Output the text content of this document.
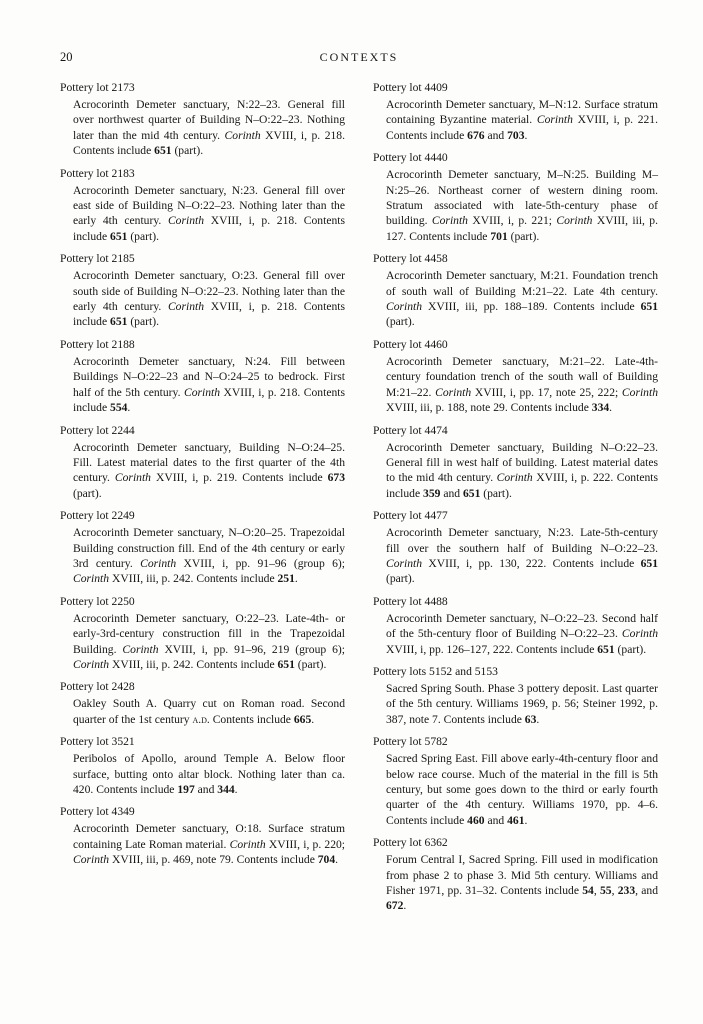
20	CONTEXTS
Pottery lot 2173

Acrocorinth Demeter sanctuary, N:22–23. General fill over northwest quarter of Building N–O:22–23. Nothing later than the mid 4th century. Corinth XVIII, i, p. 218. Contents include 651 (part).

Pottery lot 2183

Acrocorinth Demeter sanctuary, N:23. General fill over east side of Building N–O:22–23. Nothing later than the early 4th century. Corinth XVIII, i, p. 218. Contents include 651 (part).

Pottery lot 2185

Acrocorinth Demeter sanctuary, O:23. General fill over south side of Building N–O:22–23. Nothing later than the early 4th century. Corinth XVIII, i, p. 218. Contents include 651 (part).

Pottery lot 2188

Acrocorinth Demeter sanctuary, N:24. Fill between Buildings N–O:22–23 and N–O:24–25 to bedrock. First half of the 5th century. Corinth XVIII, i, p. 218. Contents include 554.

Pottery lot 2244

Acrocorinth Demeter sanctuary, Building N–O:24–25. Fill. Latest material dates to the first quarter of the 4th century. Corinth XVIII, i, p. 219. Contents include 673 (part).

Pottery lot 2249

Acrocorinth Demeter sanctuary, N–O:20–25. Trapezoidal Building construction fill. End of the 4th century or early 3rd century. Corinth XVIII, i, pp. 91–96 (group 6); Corinth XVIII, iii, p. 242. Contents include 251.

Pottery lot 2250

Acrocorinth Demeter sanctuary, O:22–23. Late-4th- or early-3rd-century construction fill in the Trapezoidal Building. Corinth XVIII, i, pp. 91–96, 219 (group 6); Corinth XVIII, iii, p. 242. Contents include 651 (part).

Pottery lot 2428

Oakley South A. Quarry cut on Roman road. Second quarter of the 1st century a.d. Contents include 665.

Pottery lot 3521

Peribolos of Apollo, around Temple A. Below floor surface, butting onto altar block. Nothing later than ca. 420. Contents include 197 and 344.

Pottery lot 4349

Acrocorinth Demeter sanctuary, O:18. Surface stratum containing Late Roman material. Corinth XVIII, i, p. 220; Corinth XVIII, iii, p. 469, note 79. Contents include 704.

Pottery lot 4409

Acrocorinth Demeter sanctuary, M–N:12. Surface stratum containing Byzantine material. Corinth XVIII, i, p. 221. Contents include 676 and 703.

Pottery lot 4440

Acrocorinth Demeter sanctuary, M–N:25. Building M–N:25–26. Northeast corner of western dining room. Stratum associated with late-5th-century phase of building. Corinth XVIII, i, p. 221; Corinth XVIII, iii, p. 127. Contents include 701 (part).

Pottery lot 4458

Acrocorinth Demeter sanctuary, M:21. Foundation trench of south wall of Building M:21–22. Late 4th century. Corinth XVIII, iii, pp. 188–189. Contents include 651 (part).

Pottery lot 4460

Acrocorinth Demeter sanctuary, M:21–22. Late-4th-century foundation trench of the south wall of Building M:21–22. Corinth XVIII, i, pp. 17, note 25, 222; Corinth XVIII, iii, p. 188, note 29. Contents include 334.

Pottery lot 4474

Acrocorinth Demeter sanctuary, Building N–O:22–23. General fill in west half of building. Latest material dates to the mid 4th century. Corinth XVIII, i, p. 222. Contents include 359 and 651 (part).

Pottery lot 4477

Acrocorinth Demeter sanctuary, N:23. Late-5th-century fill over the southern half of Building N–O:22–23. Corinth XVIII, i, pp. 130, 222. Contents include 651 (part).

Pottery lot 4488

Acrocorinth Demeter sanctuary, N–O:22–23. Second half of the 5th-century floor of Building N–O:22–23. Corinth XVIII, i, pp. 126–127, 222. Contents include 651 (part).

Pottery lots 5152 and 5153

Sacred Spring South. Phase 3 pottery deposit. Last quarter of the 5th century. Williams 1969, p. 56; Steiner 1992, p. 387, note 7. Contents include 63.

Pottery lot 5782

Sacred Spring East. Fill above early-4th-century floor and below race course. Much of the material in the fill is 5th century, but some goes down to the third or early fourth quarter of the 4th century. Williams 1970, pp. 4–6. Contents include 460 and 461.

Pottery lot 6362

Forum Central I, Sacred Spring. Fill used in modification from phase 2 to phase 3. Mid 5th century. Williams and Fisher 1971, pp. 31–32. Contents include 54, 55, 233, and 672.
